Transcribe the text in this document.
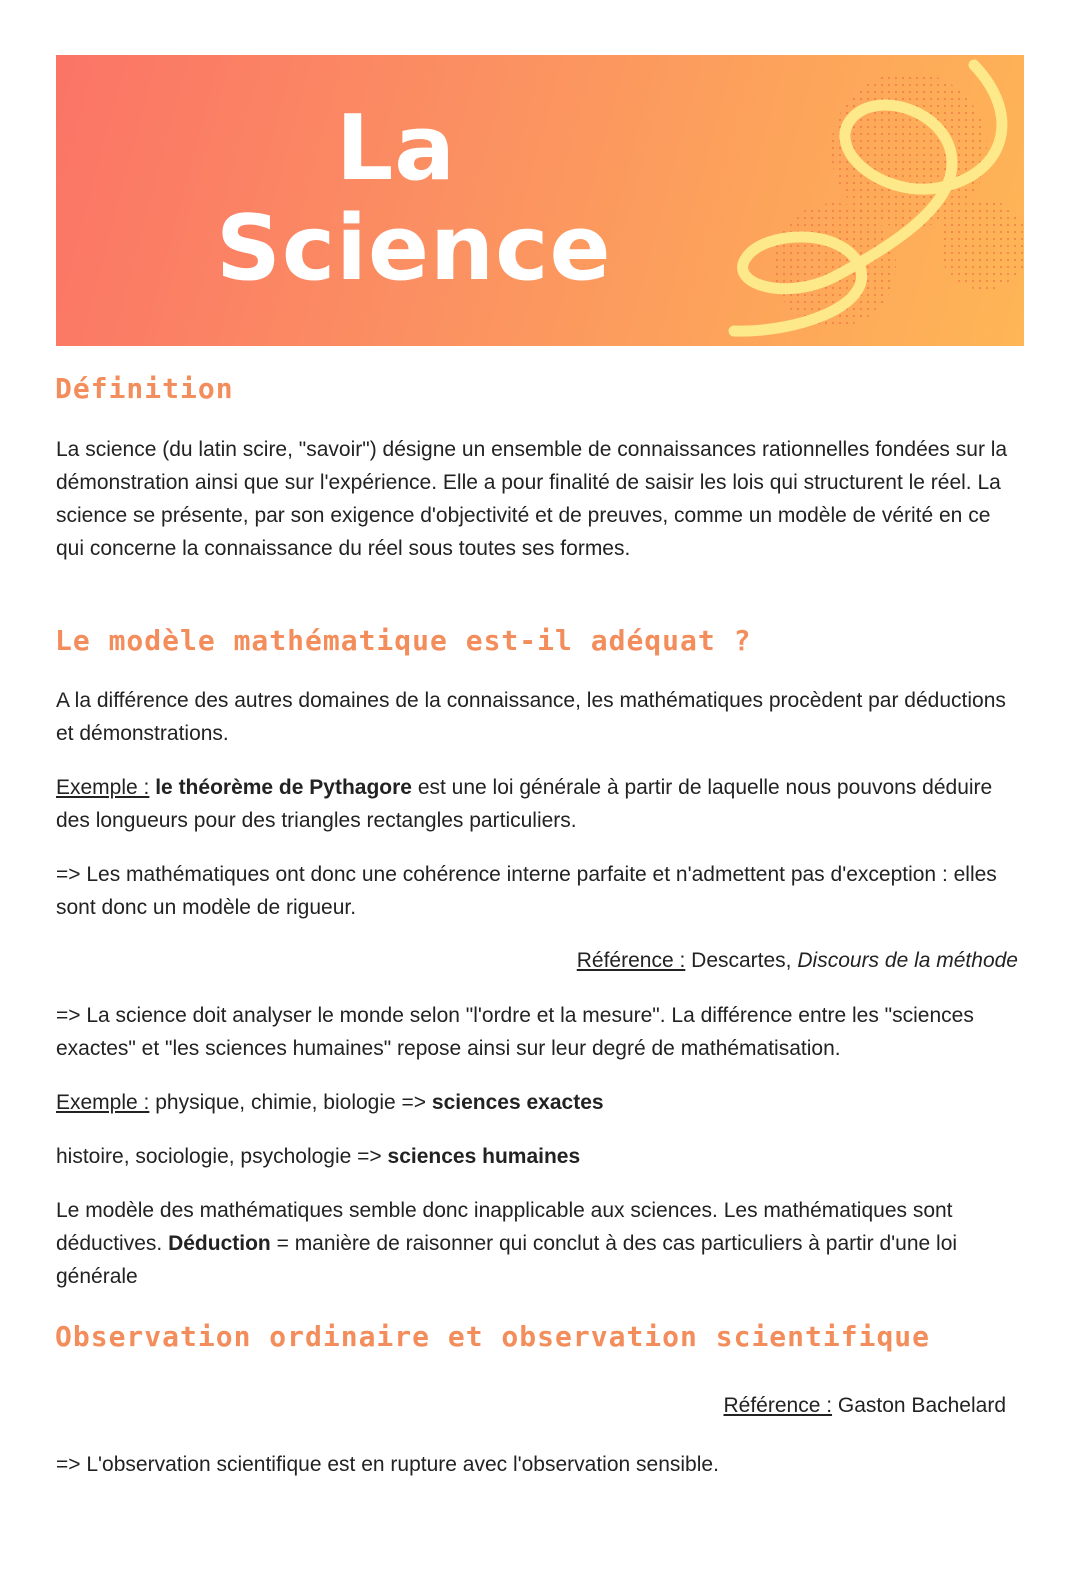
La
Science
Définition

La science (du latin scire, "savoir") désigne un ensemble de connaissances rationnelles fondées sur la démonstration ainsi que sur l'expérience. Elle a pour finalité de saisir les lois qui structurent le réel. La science se présente, par son exigence d'objectivité et de preuves, comme un modèle de vérité en ce qui concerne la connaissance du réel sous toutes ses formes.

Le modèle mathématique est-il adéquat ?

A la différence des autres domaines de la connaissance, les mathématiques procèdent par déductions et démonstrations.

Exemple : le théorème de Pythagore est une loi générale à partir de laquelle nous pouvons déduire des longueurs pour des triangles rectangles particuliers.

=> Les mathématiques ont donc une cohérence interne parfaite et n'admettent pas d'exception : elles sont donc un modèle de rigueur.

Référence : Descartes, Discours de la méthode

=> La science doit analyser le monde selon "l'ordre et la mesure". La différence entre les "sciences exactes" et "les sciences humaines" repose ainsi sur leur degré de mathématisation.

Exemple : physique, chimie, biologie => sciences exactes

histoire, sociologie, psychologie => sciences humaines

Le modèle des mathématiques semble donc inapplicable aux sciences. Les mathématiques sont déductives. Déduction = manière de raisonner qui conclut à des cas particuliers à partir d'une loi générale

Observation ordinaire et observation scientifique

Référence : Gaston Bachelard

=> L'observation scientifique est en rupture avec l'observation sensible.
